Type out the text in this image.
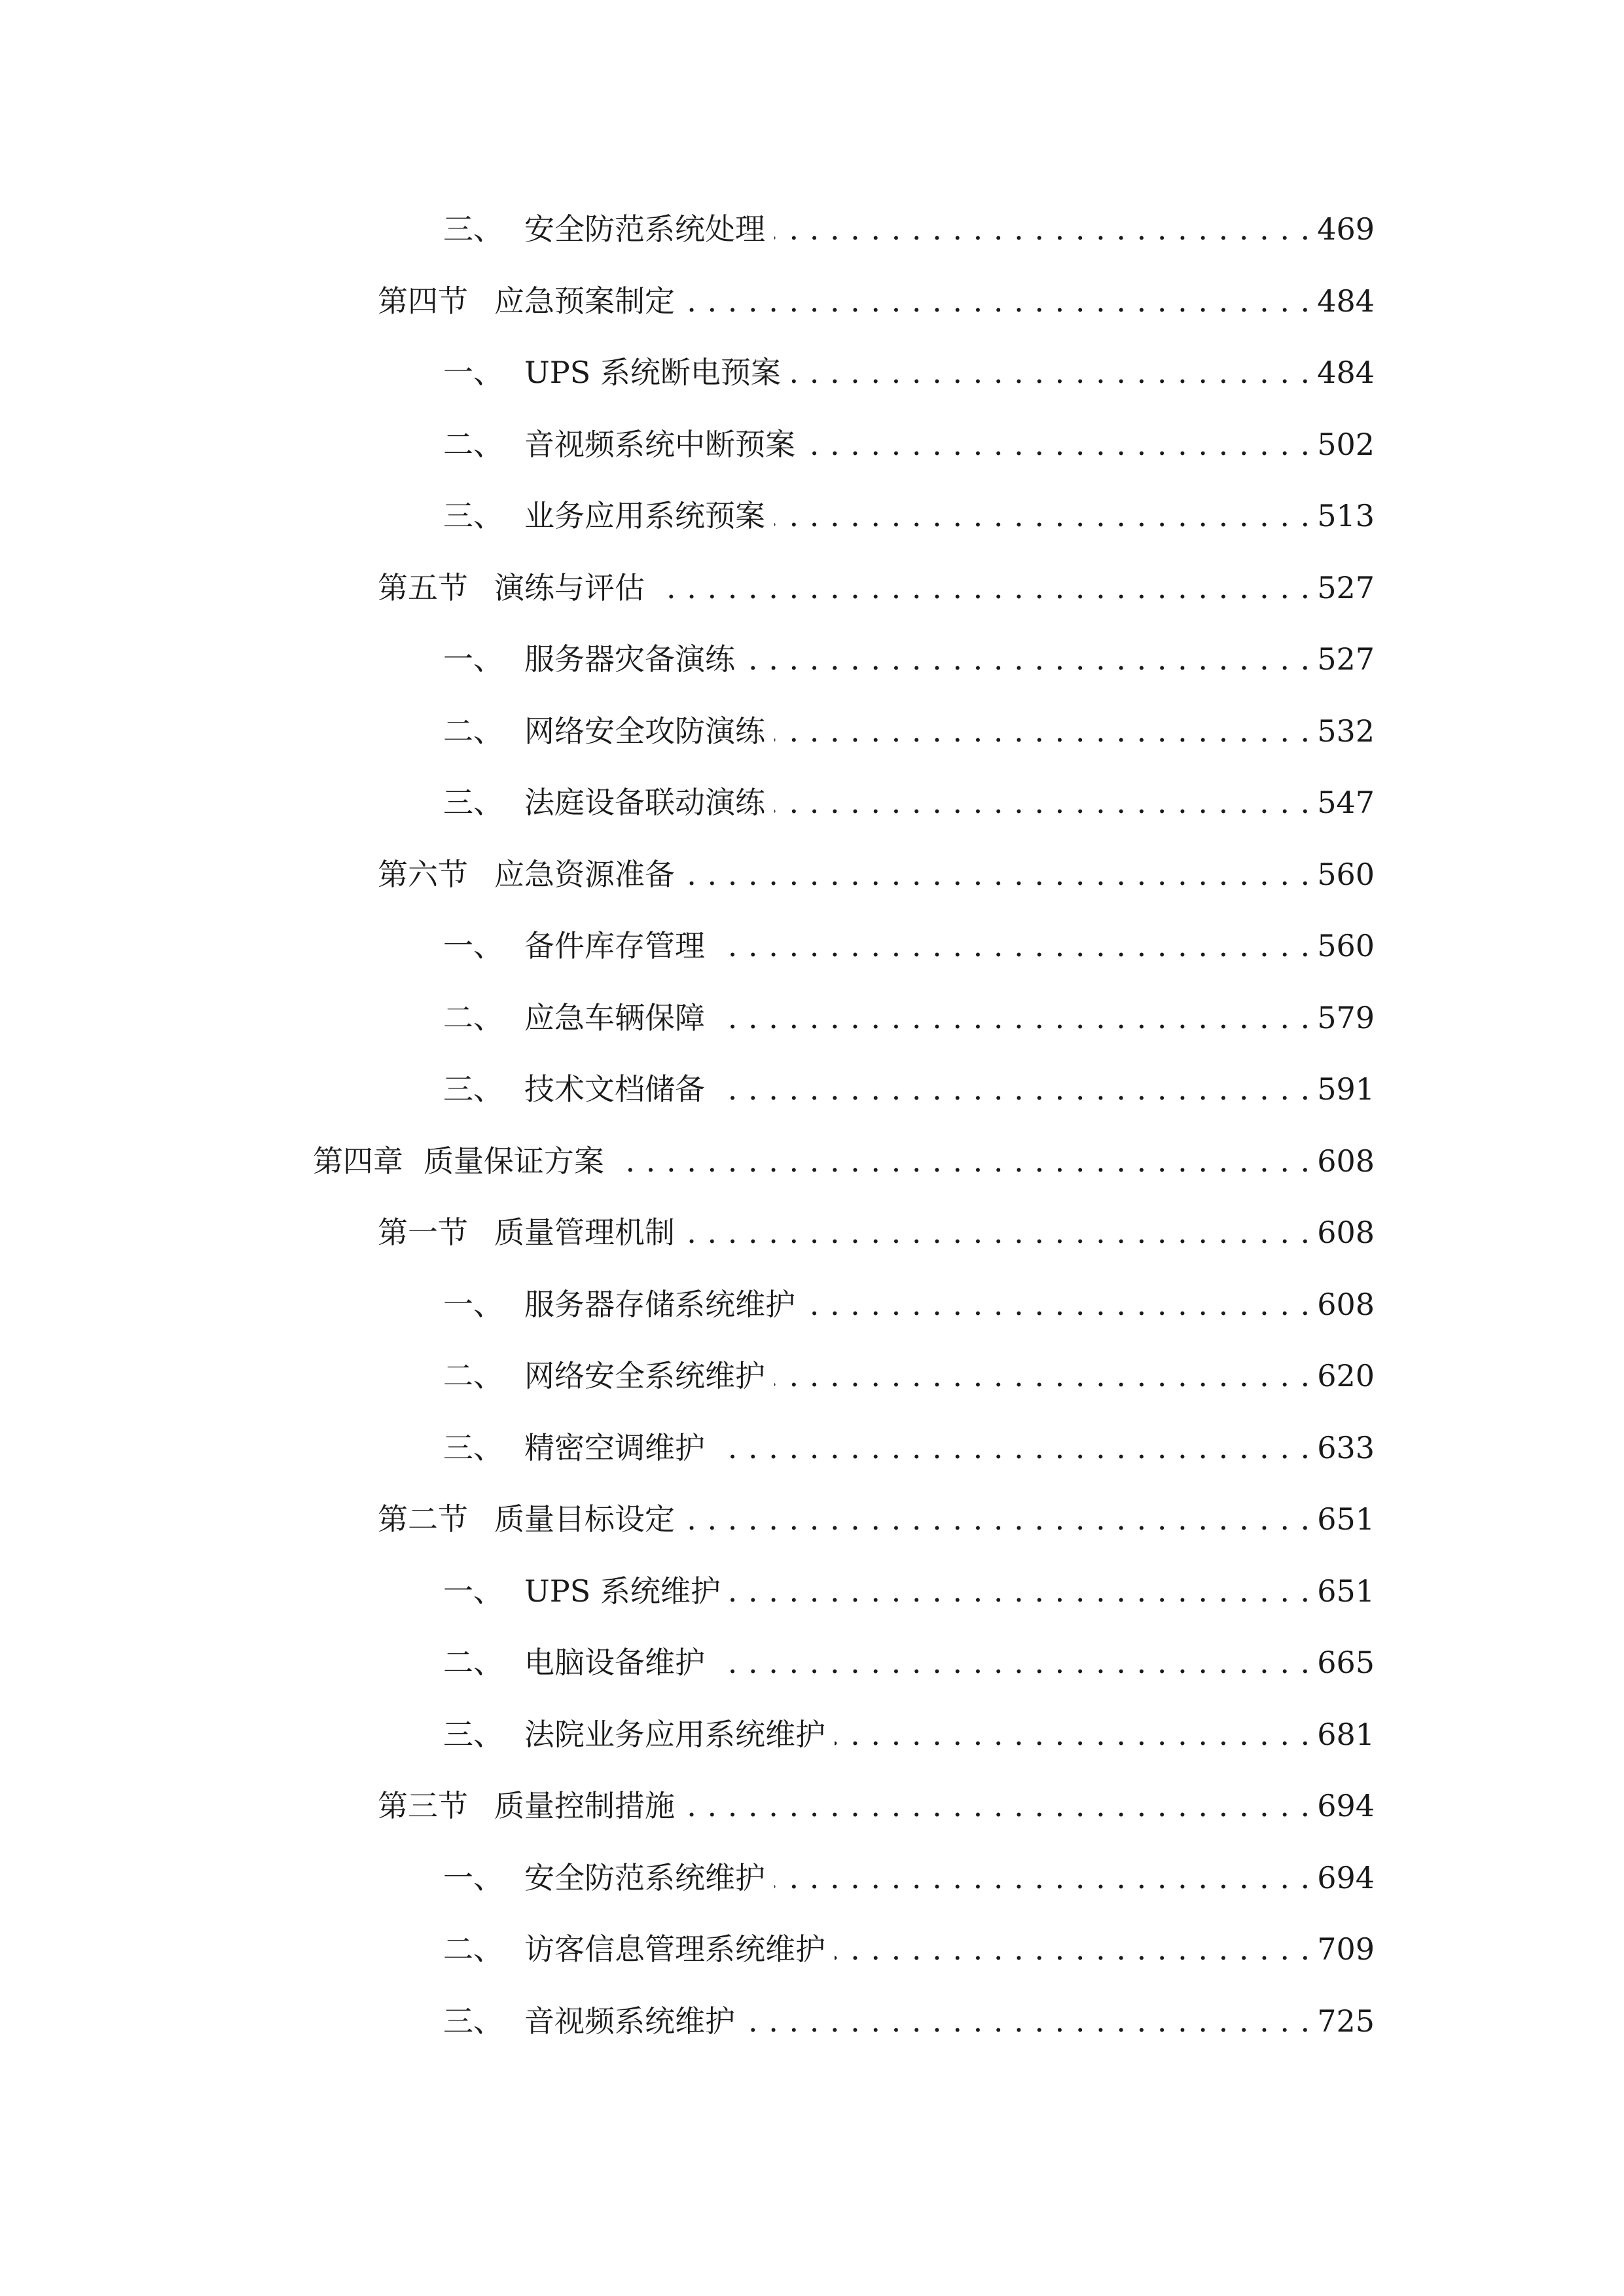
三、 安全防范系统处理 . . .	469
第四节 应急预案制定 . . .	484
一、 UPS 系统断电预案 . . .	484
二、 音视频系统中断预案 . . .	502
三、 业务应用系统预案 . . .	513
第五节 演练与评估 . . .	527
一、 服务器灾备演练 . . .	527
二、 网络安全攻防演练 . . .	532
三、 法庭设备联动演练 . . .	547
第六节 应急资源准备 . . .	560
一、 备件库存管理 . . .	560
二、 应急车辆保障 . . .	579
三、 技术文档储备 . . .	591
第四章 质量保证方案 . . .	608
第一节 质量管理机制 . . .	608
一、 服务器存储系统维护 . . .	608
二、 网络安全系统维护 . . .	620
三、 精密空调维护 . . .	633
第二节 质量目标设定 . . .	651
一、 UPS 系统维护 . . .	651
二、 电脑设备维护 . . .	665
三、 法院业务应用系统维护 . . .	681
第三节 质量控制措施 . . .	694
一、 安全防范系统维护 . . .	694
二、 访客信息管理系统维护 . . .	709
三、 音视频系统维护 . . .	725
